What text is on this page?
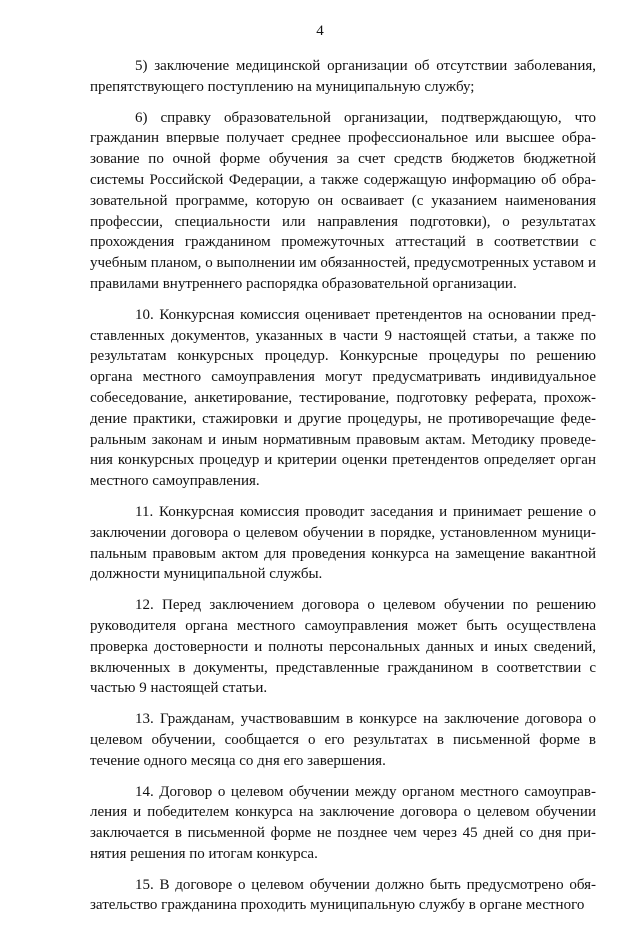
4

5) заключение медицинской организации об отсутствии заболевания, препятствующего поступлению на муниципальную службу;

6) справку образовательной организации, подтверждающую, что гражданин впервые получает среднее профессиональное или высшее образование по очной форме обучения за счет средств бюджетов бюджетной системы Российской Федерации, а также содержащую информацию об образовательной программе, которую он осваивает (с указанием наименования профессии, специальности или направления подготовки), о результатах прохождения гражданином промежуточных аттестаций в соответствии с учебным планом, о выполнении им обязанностей, предусмотренных уставом и правилами внутреннего распорядка образовательной организации.

10. Конкурсная комиссия оценивает претендентов на основании представленных документов, указанных в части 9 настоящей статьи, а также по результатам конкурсных процедур. Конкурсные процедуры по решению органа местного самоуправления могут предусматривать индивидуальное собеседование, анкетирование, тестирование, подготовку реферата, прохождение практики, стажировки и другие процедуры, не противоречащие федеральным законам и иным нормативным правовым актам. Методику проведения конкурсных процедур и критерии оценки претендентов определяет орган местного самоуправления.

11. Конкурсная комиссия проводит заседания и принимает решение о заключении договора о целевом обучении в порядке, установленном муниципальным правовым актом для проведения конкурса на замещение вакантной должности муниципальной службы.

12. Перед заключением договора о целевом обучении по решению руководителя органа местного самоуправления может быть осуществлена проверка достоверности и полноты персональных данных и иных сведений, включенных в документы, представленные гражданином в соответствии с частью 9 настоящей статьи.

13. Гражданам, участвовавшим в конкурсе на заключение договора о целевом обучении, сообщается о его результатах в письменной форме в течение одного месяца со дня его завершения.

14. Договор о целевом обучении между органом местного самоуправления и победителем конкурса на заключение договора о целевом обучении заключается в письменной форме не позднее чем через 45 дней со дня принятия решения по итогам конкурса.

15. В договоре о целевом обучении должно быть предусмотрено обязательство гражданина проходить муниципальную службу в органе местного
